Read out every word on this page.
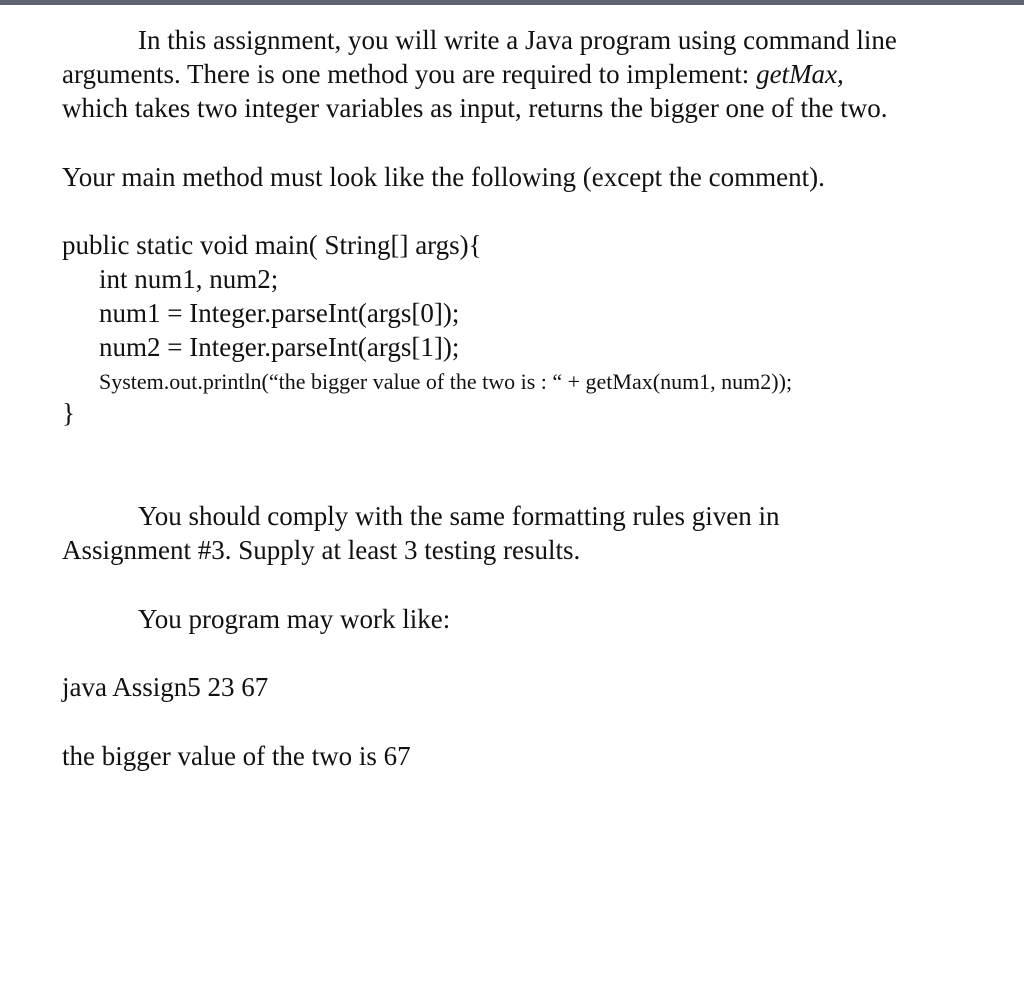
In this assignment, you will write a Java program using command line
arguments. There is one method you are required to implement: getMax,
which takes two integer variables as input, returns the bigger one of the two.
Your main method must look like the following (except the comment).
public static void main( String[] args){
int num1, num2;
num1 = Integer.parseInt(args[0]);
num2 = Integer.parseInt(args[1]);
System.out.println(“the bigger value of the two is : “ + getMax(num1, num2));
}
You should comply with the same formatting rules given in
Assignment #3. Supply at least 3 testing results.
You program may work like:
java Assign5 23 67
the bigger value of the two is 67
